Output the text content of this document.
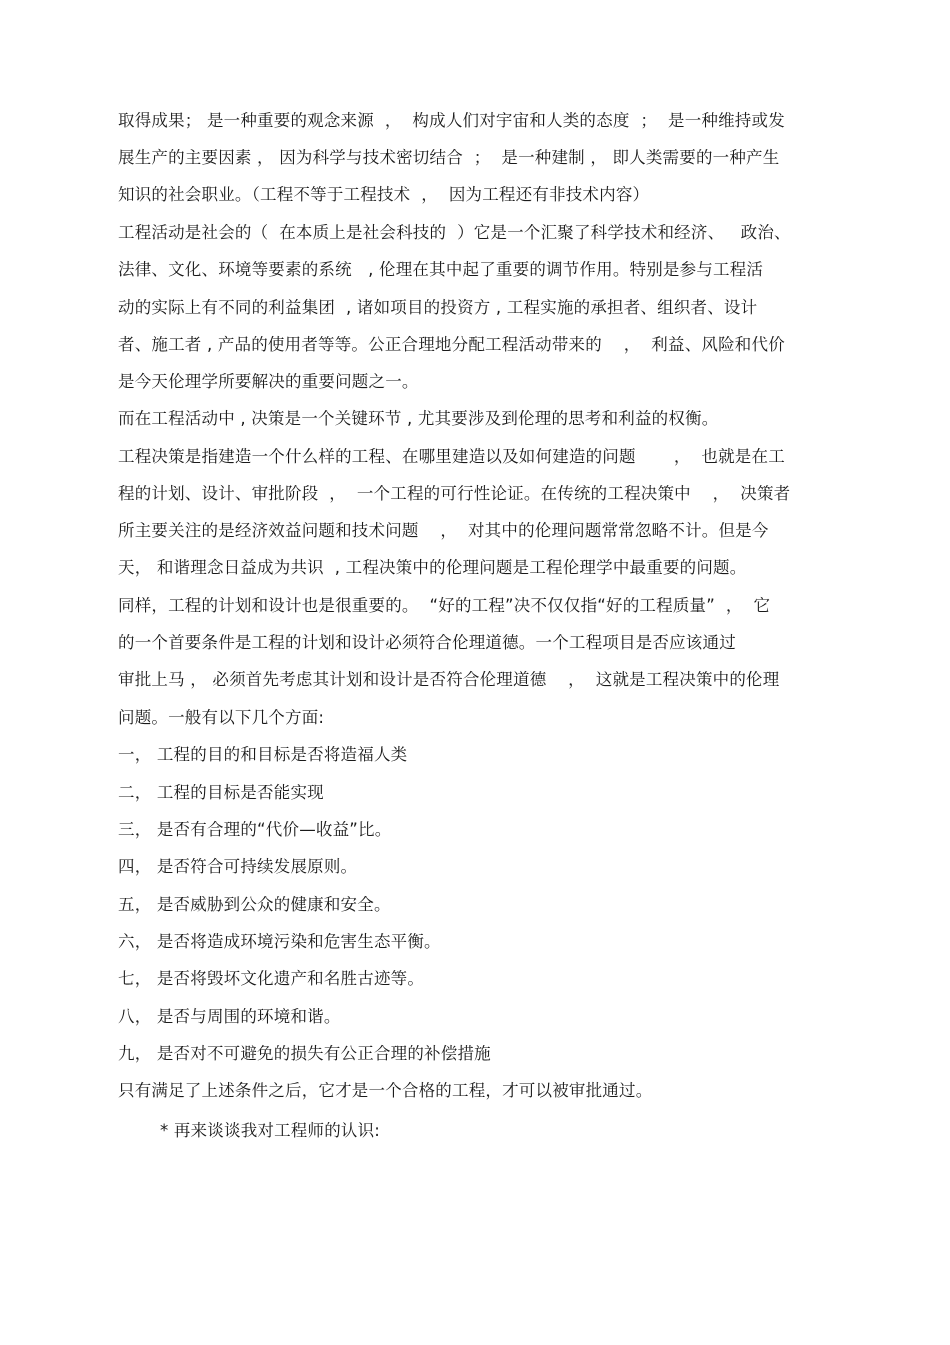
取得成果； 是一种重要的观念来源  ，  构成人们对宇宙和人类的态度  ；  是一种维持或发
展生产的主要因素 ， 因为科学与技术密切结合  ；  是一种建制 ， 即人类需要的一种产生
知识的社会职业。（工程不等于工程技术  ，  因为工程还有非技术内容）
工程活动是社会的（  在本质上是社会科技的  ）它是一个汇聚了科学技术和经济、   政治、
法律、文化、环境等要素的系统   , 伦理在其中起了重要的调节作用。特别是参与工程活
动的实际上有不同的利益集团  , 诸如项目的投资方 , 工程实施的承担者、组织者、设计
者、施工者 , 产品的使用者等等。公正合理地分配工程活动带来的    ，  利益、风险和代价
是今天伦理学所要解决的重要问题之一。
而在工程活动中 , 决策是一个关键环节 , 尤其要涉及到伦理的思考和利益的权衡。
工程决策是指建造一个什么样的工程、在哪里建造以及如何建造的问题       ，  也就是在工
程的计划、设计、审批阶段  ，  一个工程的可行性论证。在传统的工程决策中    ，  决策者
所主要关注的是经济效益问题和技术问题    ，  对其中的伦理问题常常忽略不计。但是今
天， 和谐理念日益成为共识  , 工程决策中的伦理问题是工程伦理学中最重要的问题。
同样，工程的计划和设计也是很重要的。  “好的工程”决不仅仅指“好的工程质量”  ，  它
的一个首要条件是工程的计划和设计必须符合伦理道德。一个工程项目是否应该通过
审批上马 ， 必须首先考虑其计划和设计是否符合伦理道德    ，  这就是工程决策中的伦理
问题。一般有以下几个方面:
一， 工程的目的和目标是否将造福人类
二， 工程的目标是否能实现
三， 是否有合理的“代价—收益”比。
四， 是否符合可持续发展原则。
五， 是否威胁到公众的健康和安全。
六， 是否将造成环境污染和危害生态平衡。
七， 是否将毁坏文化遗产和名胜古迹等。
八， 是否与周围的环境和谐。
九， 是否对不可避免的损失有公正合理的补偿措施
只有满足了上述条件之后，它才是一个合格的工程，才可以被审批通过。
* 再来谈谈我对工程师的认识:
